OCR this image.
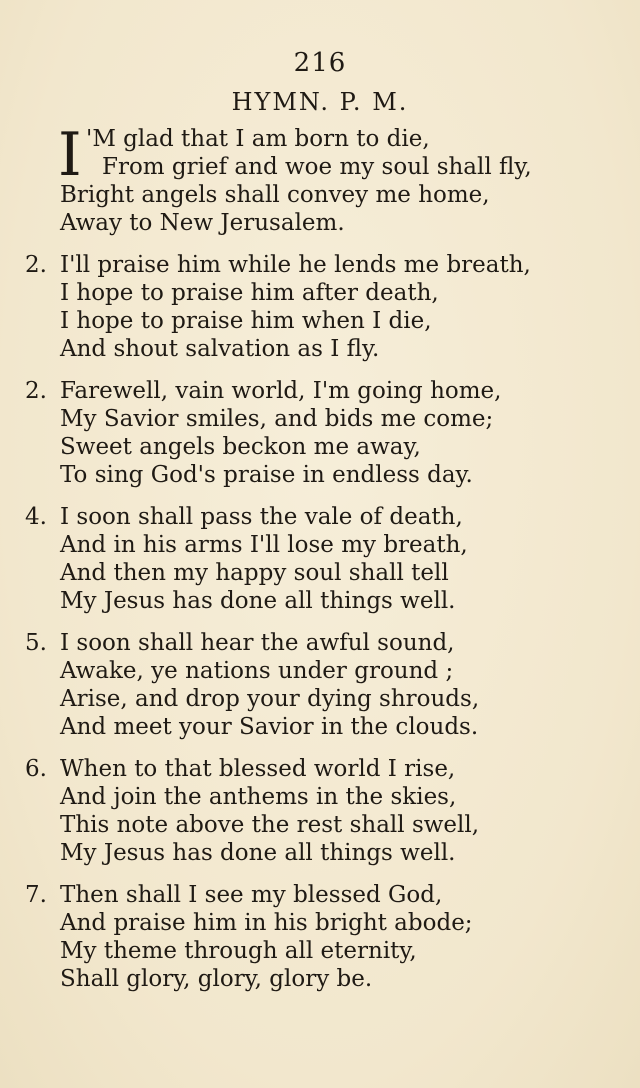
216
HYMN. P. M.
I 'M glad that I am born to die,
From grief and woe my soul shall fly,
Bright angels shall convey me home,
Away to New Jerusalem.
2. I'll praise him while he lends me breath,
I hope to praise him after death,
I hope to praise him when I die,
And shout salvation as I fly.
2. Farewell, vain world, I'm going home,
My Savior smiles, and bids me come;
Sweet angels beckon me away,
To sing God's praise in endless day.
4. I soon shall pass the vale of death,
And in his arms I'll lose my breath,
And then my happy soul shall tell
My Jesus has done all things well.
5. I soon shall hear the awful sound,
Awake, ye nations under ground ;
Arise, and drop your dying shrouds,
And meet your Savior in the clouds.
6. When to that blessed world I rise,
And join the anthems in the skies,
This note above the rest shall swell,
My Jesus has done all things well.
7. Then shall I see my blessed God,
And praise him in his bright abode;
My theme through all eternity,
Shall glory, glory, glory be.
